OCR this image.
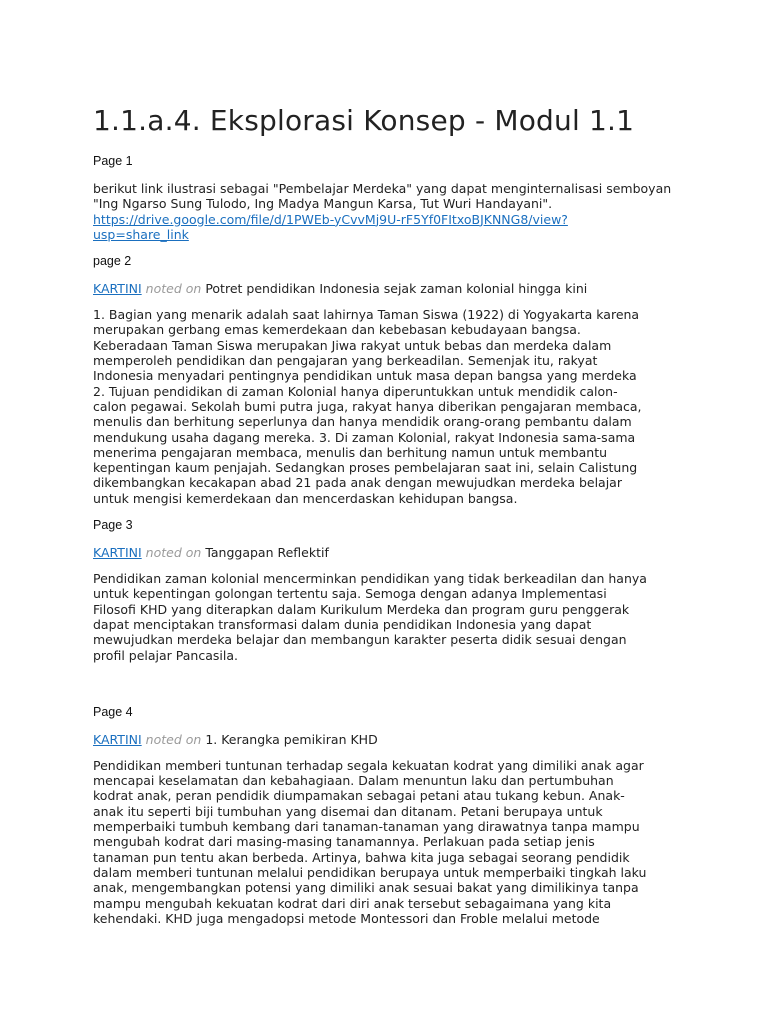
1.1.a.4. Eksplorasi Konsep - Modul 1.1
Page 1
berikut link ilustrasi sebagai "Pembelajar Merdeka" yang dapat menginternalisasi semboyan "Ing Ngarso Sung Tulodo, Ing Madya Mangun Karsa, Tut Wuri Handayani".
https://drive.google.com/file/d/1PWEb-yCvvMj9U-rF5Yf0FItxoBJKNNG8/view?
usp=share_link
page 2
KARTINI noted on Potret pendidikan Indonesia sejak zaman kolonial hingga kini
1. Bagian yang menarik adalah saat lahirnya Taman Siswa (1922) di Yogyakarta karena
merupakan gerbang emas kemerdekaan dan kebebasan kebudayaan bangsa.
Keberadaan Taman Siswa merupakan Jiwa rakyat untuk bebas dan merdeka dalam
memperoleh pendidikan dan pengajaran yang berkeadilan. Semenjak itu, rakyat
Indonesia menyadari pentingnya pendidikan untuk masa depan bangsa yang merdeka
2. Tujuan pendidikan di zaman Kolonial hanya diperuntukkan untuk mendidik calon-
calon pegawai. Sekolah bumi putra juga, rakyat hanya diberikan pengajaran membaca,
menulis dan berhitung seperlunya dan hanya mendidik orang-orang pembantu dalam
mendukung usaha dagang mereka. 3. Di zaman Kolonial, rakyat Indonesia sama-sama
menerima pengajaran membaca, menulis dan berhitung namun untuk membantu
kepentingan kaum penjajah. Sedangkan proses pembelajaran saat ini, selain Calistung
dikembangkan kecakapan abad 21 pada anak dengan mewujudkan merdeka belajar
untuk mengisi kemerdekaan dan mencerdaskan kehidupan bangsa.
Page 3
KARTINI noted on Tanggapan Reflektif
Pendidikan zaman kolonial mencerminkan pendidikan yang tidak berkeadilan dan hanya
untuk kepentingan golongan tertentu saja. Semoga dengan adanya Implementasi
Filosofi KHD yang diterapkan dalam Kurikulum Merdeka dan program guru penggerak
dapat menciptakan transformasi dalam dunia pendidikan Indonesia yang dapat
mewujudkan merdeka belajar dan membangun karakter peserta didik sesuai dengan
profil pelajar Pancasila.
Page 4
KARTINI noted on 1. Kerangka pemikiran KHD
Pendidikan memberi tuntunan terhadap segala kekuatan kodrat yang dimiliki anak agar
mencapai keselamatan dan kebahagiaan. Dalam menuntun laku dan pertumbuhan
kodrat anak, peran pendidik diumpamakan sebagai petani atau tukang kebun. Anak-
anak itu seperti biji tumbuhan yang disemai dan ditanam. Petani berupaya untuk
memperbaiki tumbuh kembang dari tanaman-tanaman yang dirawatnya tanpa mampu
mengubah kodrat dari masing-masing tanamannya. Perlakuan pada setiap jenis
tanaman pun tentu akan berbeda. Artinya, bahwa kita juga sebagai seorang pendidik
dalam memberi tuntunan melalui pendidikan berupaya untuk memperbaiki tingkah laku
anak, mengembangkan potensi yang dimiliki anak sesuai bakat yang dimilikinya tanpa
mampu mengubah kekuatan kodrat dari diri anak tersebut sebagaimana yang kita
kehendaki. KHD juga mengadopsi metode Montessori dan Froble melalui metode
